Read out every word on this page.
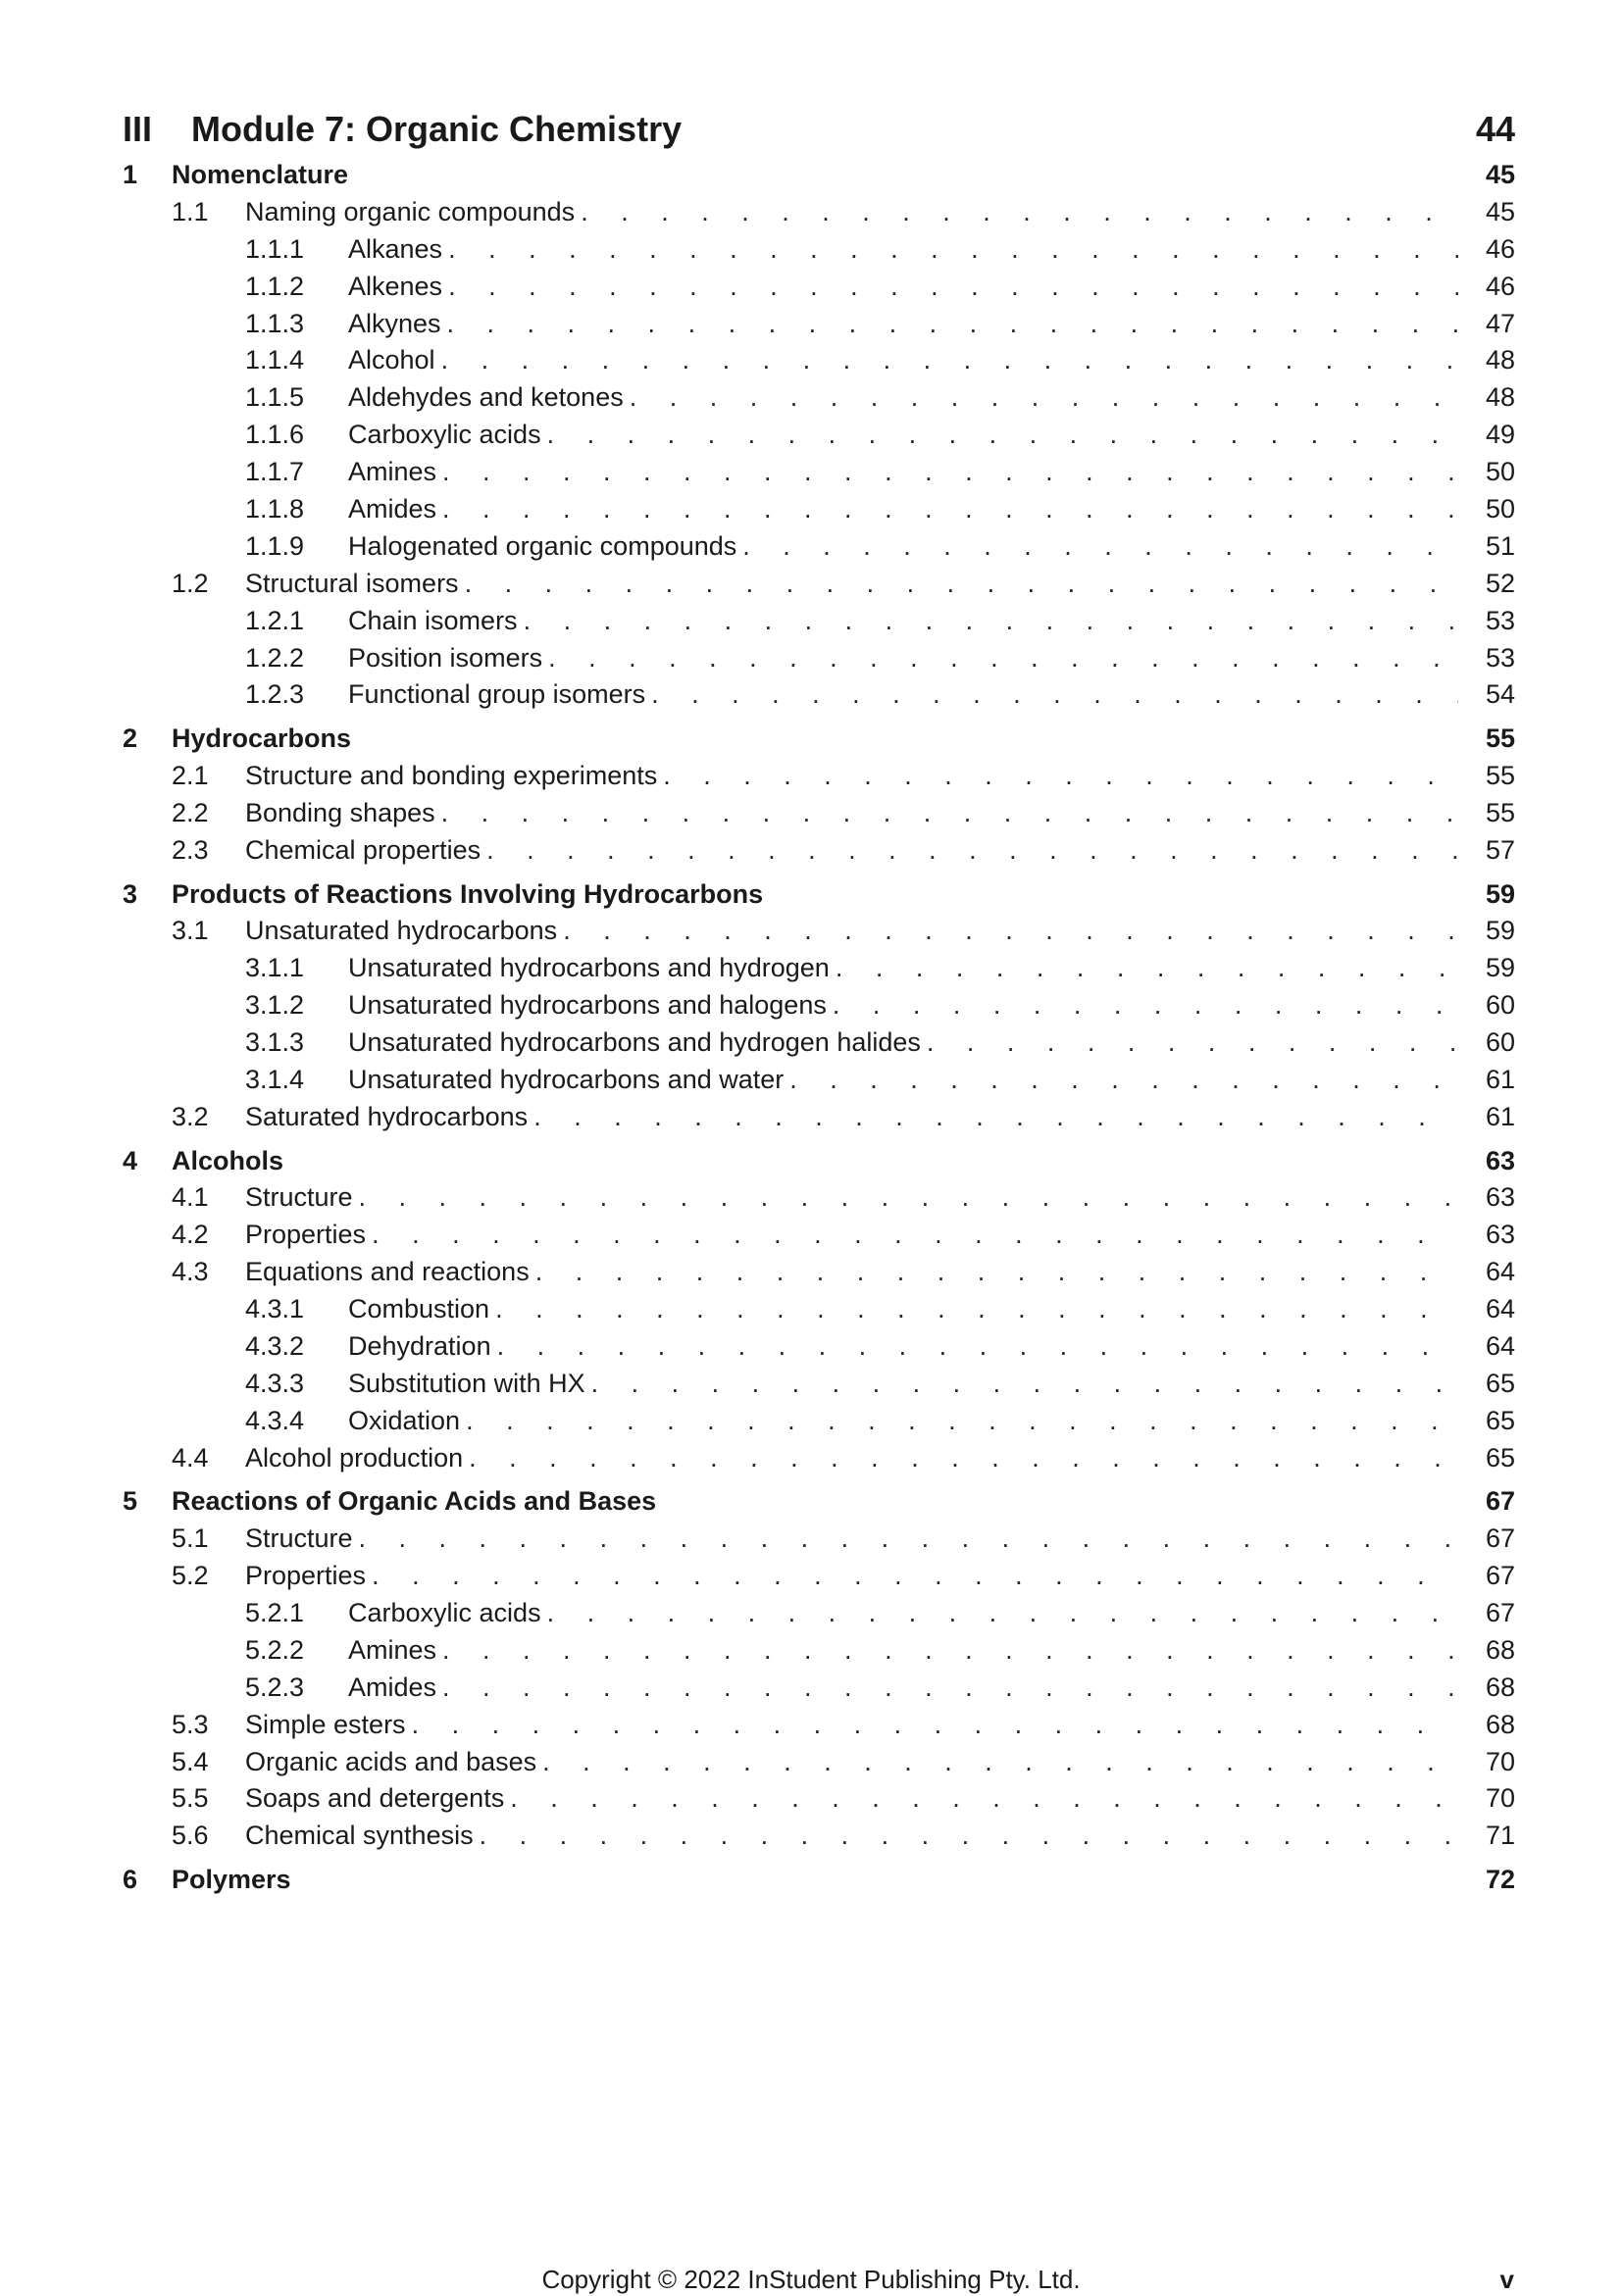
III	Module 7: Organic Chemistry	44
1	Nomenclature	45
1.1	Naming organic compounds . . .	45
1.1.1	Alkanes . . .	46
1.1.2	Alkenes . . .	46
1.1.3	Alkynes . . .	47
1.1.4	Alcohol . . .	48
1.1.5	Aldehydes and ketones . . .	48
1.1.6	Carboxylic acids . . .	49
1.1.7	Amines . . .	50
1.1.8	Amides . . .	50
1.1.9	Halogenated organic compounds . . .	51
1.2	Structural isomers . . .	52
1.2.1	Chain isomers . . .	53
1.2.2	Position isomers . . .	53
1.2.3	Functional group isomers . . .	54
2	Hydrocarbons	55
2.1	Structure and bonding experiments . . .	55
2.2	Bonding shapes . . .	55
2.3	Chemical properties . . .	57
3	Products of Reactions Involving Hydrocarbons	59
3.1	Unsaturated hydrocarbons . . .	59
3.1.1	Unsaturated hydrocarbons and hydrogen . . .	59
3.1.2	Unsaturated hydrocarbons and halogens . . .	60
3.1.3	Unsaturated hydrocarbons and hydrogen halides . . .	60
3.1.4	Unsaturated hydrocarbons and water . . .	61
3.2	Saturated hydrocarbons . . .	61
4	Alcohols	63
4.1	Structure . . .	63
4.2	Properties . . .	63
4.3	Equations and reactions . . .	64
4.3.1	Combustion . . .	64
4.3.2	Dehydration . . .	64
4.3.3	Substitution with HX . . .	65
4.3.4	Oxidation . . .	65
4.4	Alcohol production . . .	65
5	Reactions of Organic Acids and Bases	67
5.1	Structure . . .	67
5.2	Properties . . .	67
5.2.1	Carboxylic acids . . .	67
5.2.2	Amines . . .	68
5.2.3	Amides . . .	68
5.3	Simple esters . . .	68
5.4	Organic acids and bases . . .	70
5.5	Soaps and detergents . . .	70
5.6	Chemical synthesis . . .	71
6	Polymers	72
Copyright © 2022 InStudent Publishing Pty. Ltd.	v
